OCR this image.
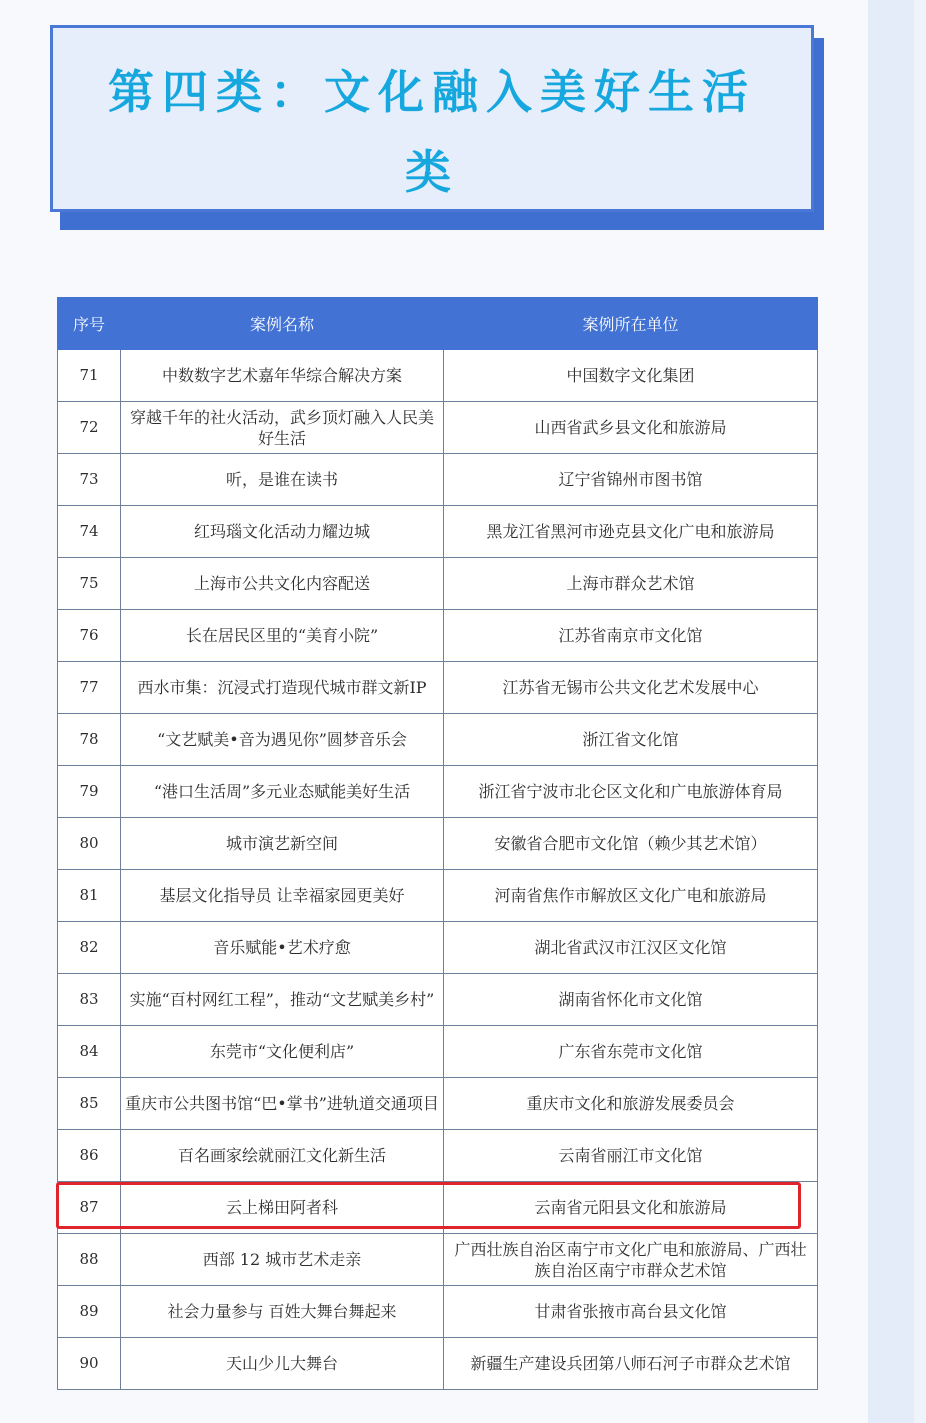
第四类：文化融入美好生活
类
序号	案例名称	案例所在单位
71	中数数字艺术嘉年华综合解决方案	中国数字文化集团
72	穿越千年的社火活动，武乡顶灯融入人民美好生活	山西省武乡县文化和旅游局
73	听，是谁在读书	辽宁省锦州市图书馆
74	红玛瑙文化活动力耀边城	黑龙江省黑河市逊克县文化广电和旅游局
75	上海市公共文化内容配送	上海市群众艺术馆
76	长在居民区里的“美育小院”	江苏省南京市文化馆
77	西水市集：沉浸式打造现代城市群文新IP	江苏省无锡市公共文化艺术发展中心
78	“文艺赋美•音为遇见你”圆梦音乐会	浙江省文化馆
79	“港口生活周”多元业态赋能美好生活	浙江省宁波市北仑区文化和广电旅游体育局
80	城市演艺新空间	安徽省合肥市文化馆（赖少其艺术馆）
81	基层文化指导员 让幸福家园更美好	河南省焦作市解放区文化广电和旅游局
82	音乐赋能•艺术疗愈	湖北省武汉市江汉区文化馆
83	实施“百村网红工程”，推动“文艺赋美乡村”	湖南省怀化市文化馆
84	东莞市“文化便利店”	广东省东莞市文化馆
85	重庆市公共图书馆“巴•掌书”进轨道交通项目	重庆市文化和旅游发展委员会
86	百名画家绘就丽江文化新生活	云南省丽江市文化馆
87	云上梯田阿者科	云南省元阳县文化和旅游局
88	西部 12 城市艺术走亲	广西壮族自治区南宁市文化广电和旅游局、广西壮族自治区南宁市群众艺术馆
89	社会力量参与 百姓大舞台舞起来	甘肃省张掖市高台县文化馆
90	天山少儿大舞台	新疆生产建设兵团第八师石河子市群众艺术馆
